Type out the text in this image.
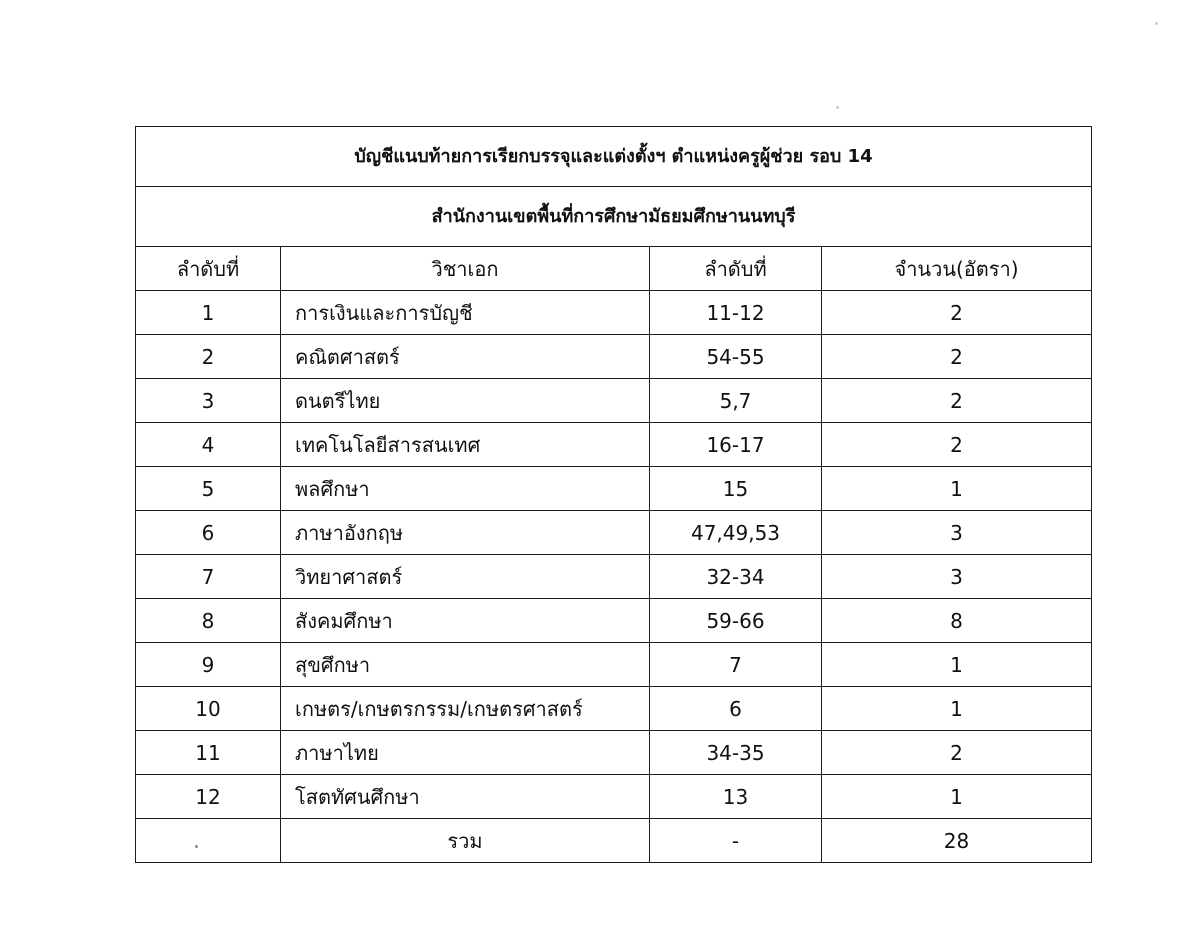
บัญชีแนบท้ายการเรียกบรรจุและแต่งตั้งฯ ตำแหน่งครูผู้ช่วย รอบ 14			
สำนักงานเขตพื้นที่การศึกษามัธยมศึกษานนทบุรี			
ลำดับที่	วิชาเอก	ลำดับที่	จำนวน(อัตรา)
1	การเงินและการบัญชี	11-12	2
2	คณิตศาสตร์	54-55	2
3	ดนตรีไทย	5,7	2
4	เทคโนโลยีสารสนเทศ	16-17	2
5	พลศึกษา	15	1
6	ภาษาอังกฤษ	47,49,53	3
7	วิทยาศาสตร์	32-34	3
8	สังคมศึกษา	59-66	8
9	สุขศึกษา	7	1
10	เกษตร/เกษตรกรรม/เกษตรศาสตร์	6	1
11	ภาษาไทย	34-35	2
12	โสตทัศนศึกษา	13	1
	รวม	-	28
